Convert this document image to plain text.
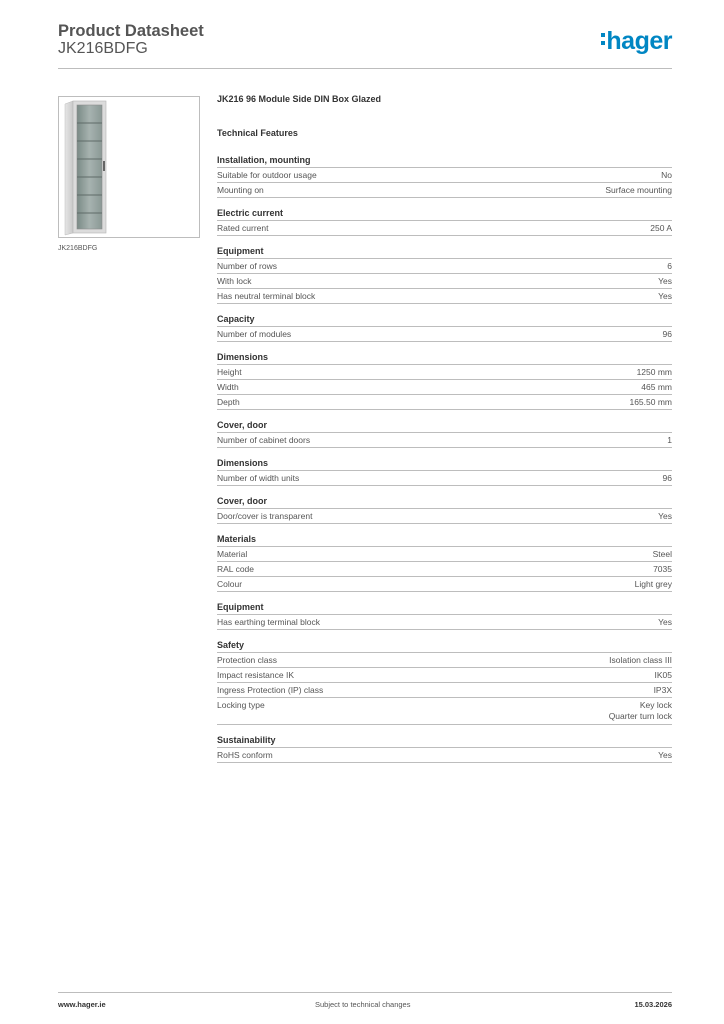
Product Datasheet
JK216BDFG	hager
JK216BDFG
JK216 96 Module Side DIN Box Glazed
Technical Features
Installation, mounting
Suitable for outdoor usage	No
Mounting on	Surface mounting
Electric current
Rated current	250 A
Equipment
Number of rows	6
With lock	Yes
Has neutral terminal block	Yes
Capacity
Number of modules	96
Dimensions
Height	1250 mm
Width	465 mm
Depth	165.50 mm
Cover, door
Number of cabinet doors	1
Dimensions
Number of width units	96
Cover, door
Door/cover is transparent	Yes
Materials
Material	Steel
RAL code	7035
Colour	Light grey
Equipment
Has earthing terminal block	Yes
Safety
Protection class	Isolation class III
Impact resistance IK	IK05
Ingress Protection (IP) class	IP3X
Locking type	Key lock
Quarter turn lock
Sustainability
RoHS conform	Yes
www.hager.ie	Subject to technical changes	15.03.2026
